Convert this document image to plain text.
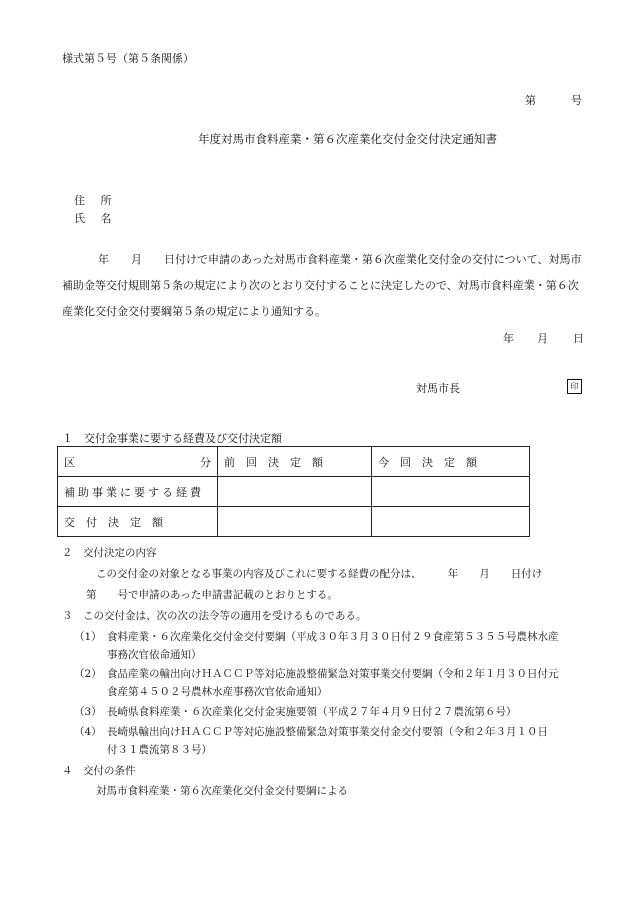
様式第５号（第５条関係）
第	号
年度対馬市食料産業・第６次産業化交付金交付決定通知書
住 所
氏 名
年　　月　　日付けで申請のあった対馬市食料産業・第６次産業化交付金の交付について、対馬市補助金等交付規則第５条の規定により次のとおり交付することに決定したので、対馬市食料産業・第６次産業化交付金交付要綱第５条の規定により通知する。
年 月 日
対馬市長	印
１　交付金事業に要する経費及び交付決定額
区 分	前　回　決　定　額	今　回　決　定　額
補助事業に要する経費		
交　付　決　定　額		
２　交付決定の内容
この交付金の対象となる事業の内容及びこれに要する経費の配分は、　　　年　　月　　日付け
第　　号で申請のあった申請書記載のとおりとする。
３　この交付金は、次の次の法令等の適用を受けるものである。
（1） 食料産業・６次産業化交付金交付要綱（平成３０年３月３０日付２９食産第５３５５号農林水産
事務次官依命通知）
（2） 食品産業の輸出向けＨＡＣＣＰ等対応施設整備緊急対策事業交付要綱（令和２年１月３０日付元
食産第４５０２号農林水産事務次官依命通知）
（3） 長崎県食料産業・６次産業化交付金実施要領（平成２７年４月９日付２７農流第６号）
（4） 長崎県輸出向けＨＡＣＣＰ等対応施設整備緊急対策事業交付金交付要領（令和２年３月１０日
付３１農流第８３号）
４　交付の条件
対馬市食料産業・第６次産業化交付金交付要綱による
